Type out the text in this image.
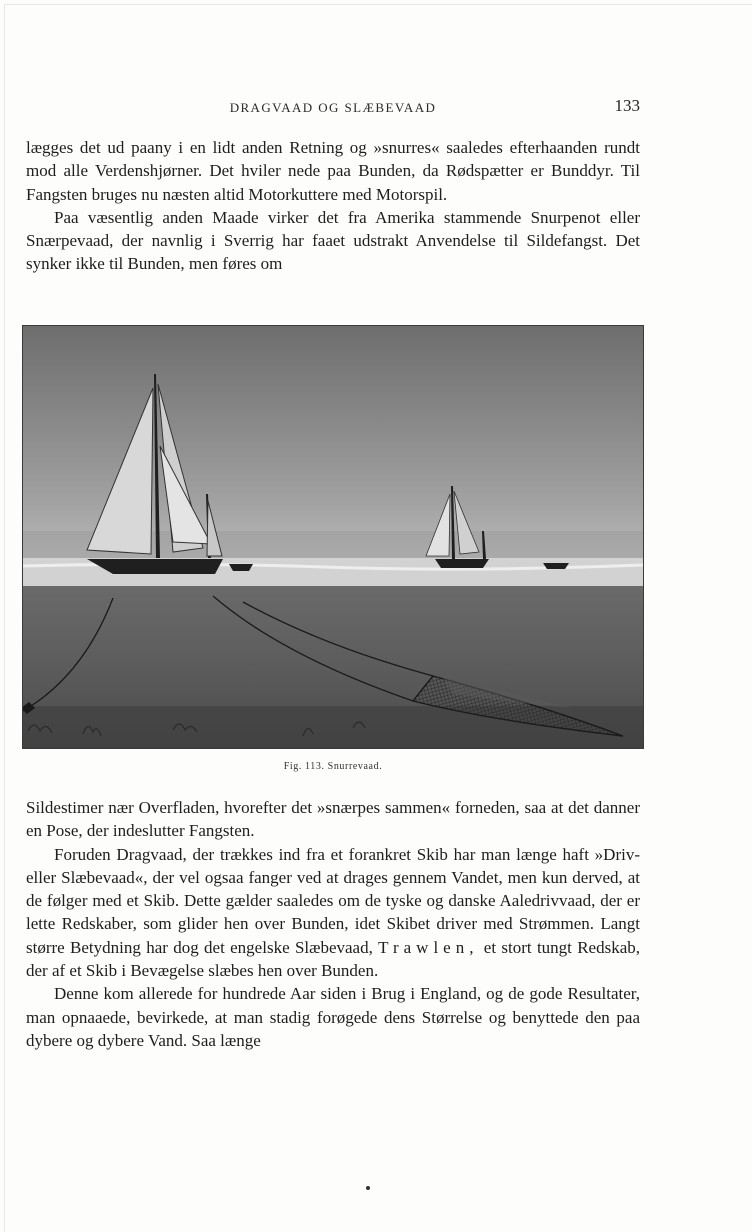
DRAGVAAD OG SLÆBEVAAD	133

lægges det ud paany i en lidt anden Retning og »snurres« saaledes efterhaanden rundt mod alle Verdenshjørner. Det hviler nede paa Bunden, da Rødspætter er Bunddyr. Til Fangsten bruges nu næsten altid Motorkuttere med Motorspil.

Paa væsentlig anden Maade virker det fra Amerika stammende Snurpenot eller Snærpevaad, der navnlig i Sverrig har faaet udstrakt Anvendelse til Sildefangst. Det synker ikke til Bunden, men føres om

Fig. 113. Snurrevaad.

Sildestimer nær Overfladen, hvorefter det »snærpes sammen« forneden, saa at det danner en Pose, der indeslutter Fangsten.

Foruden Dragvaad, der trækkes ind fra et forankret Skib har man længe haft »Driv- eller Slæbevaad«, der vel ogsaa fanger ved at drages gennem Vandet, men kun derved, at de følger med et Skib. Dette gælder saaledes om de tyske og danske Aaledrivvaad, der er lette Redskaber, som glider hen over Bunden, idet Skibet driver med Strømmen. Langt større Betydning har dog det engelske Slæbevaad, Trawlen, et stort tungt Redskab, der af et Skib i Bevægelse slæbes hen over Bunden.

Denne kom allerede for hundrede Aar siden i Brug i England, og de gode Resultater, man opnaaede, bevirkede, at man stadig forøgede dens Størrelse og benyttede den paa dybere og dybere Vand. Saa længe
